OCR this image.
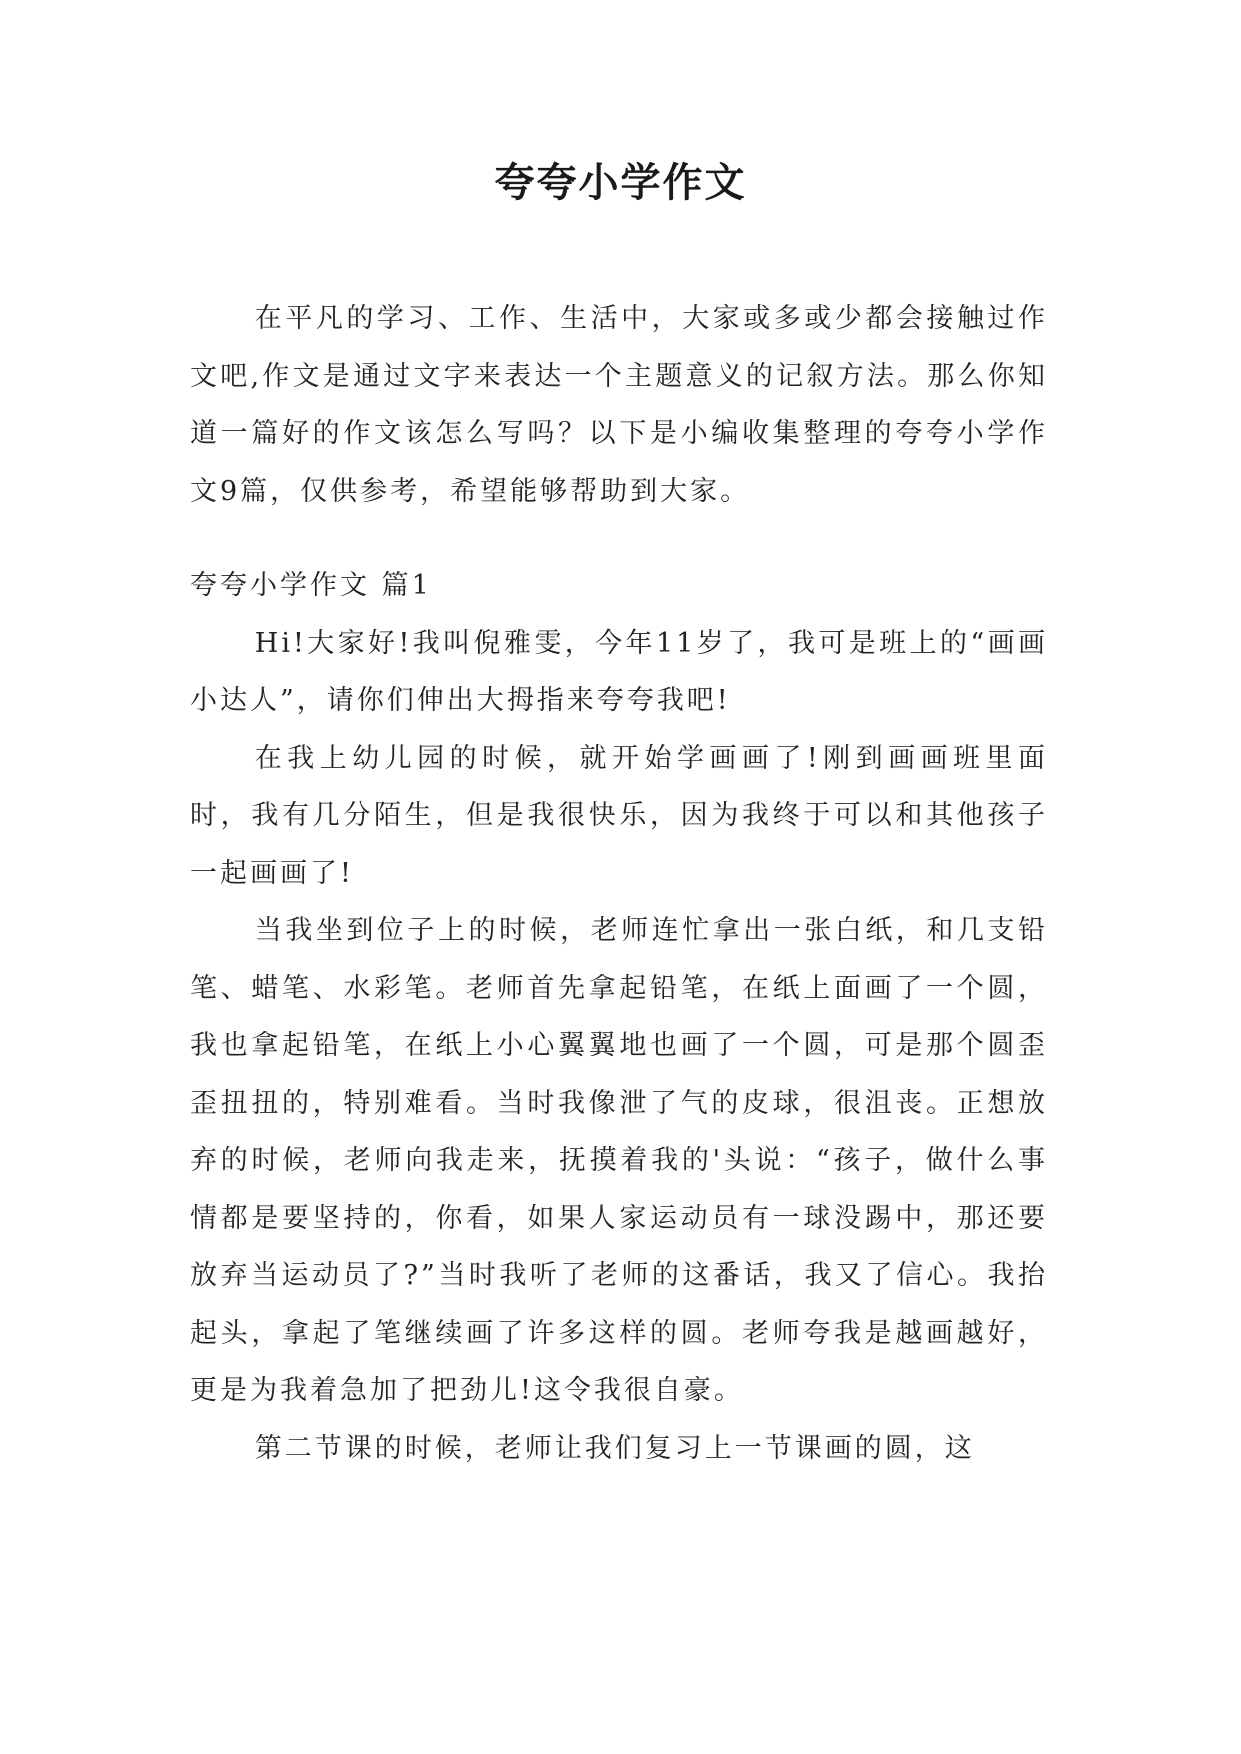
夸夸小学作文

在平凡的学习、工作、生活中，大家或多或少都会接触过作文吧,作文是通过文字来表达一个主题意义的记叙方法。那么你知道一篇好的作文该怎么写吗？以下是小编收集整理的夸夸小学作文9篇，仅供参考，希望能够帮助到大家。

夸夸小学作文 篇1

Hi!大家好!我叫倪雅雯，今年11岁了，我可是班上的“画画小达人”，请你们伸出大拇指来夸夸我吧!

在我上幼儿园的时候，就开始学画画了!刚到画画班里面时，我有几分陌生，但是我很快乐，因为我终于可以和其他孩子一起画画了!

当我坐到位子上的时候，老师连忙拿出一张白纸，和几支铅笔、蜡笔、水彩笔。老师首先拿起铅笔，在纸上面画了一个圆，我也拿起铅笔，在纸上小心翼翼地也画了一个圆，可是那个圆歪歪扭扭的，特别难看。当时我像泄了气的皮球，很沮丧。正想放弃的时候，老师向我走来，抚摸着我的'头说：“孩子，做什么事情都是要坚持的，你看，如果人家运动员有一球没踢中，那还要放弃当运动员了?”当时我听了老师的这番话，我又了信心。我抬起头，拿起了笔继续画了许多这样的圆。老师夸我是越画越好，更是为我着急加了把劲儿!这令我很自豪。

第二节课的时候，老师让我们复习上一节课画的圆，这
